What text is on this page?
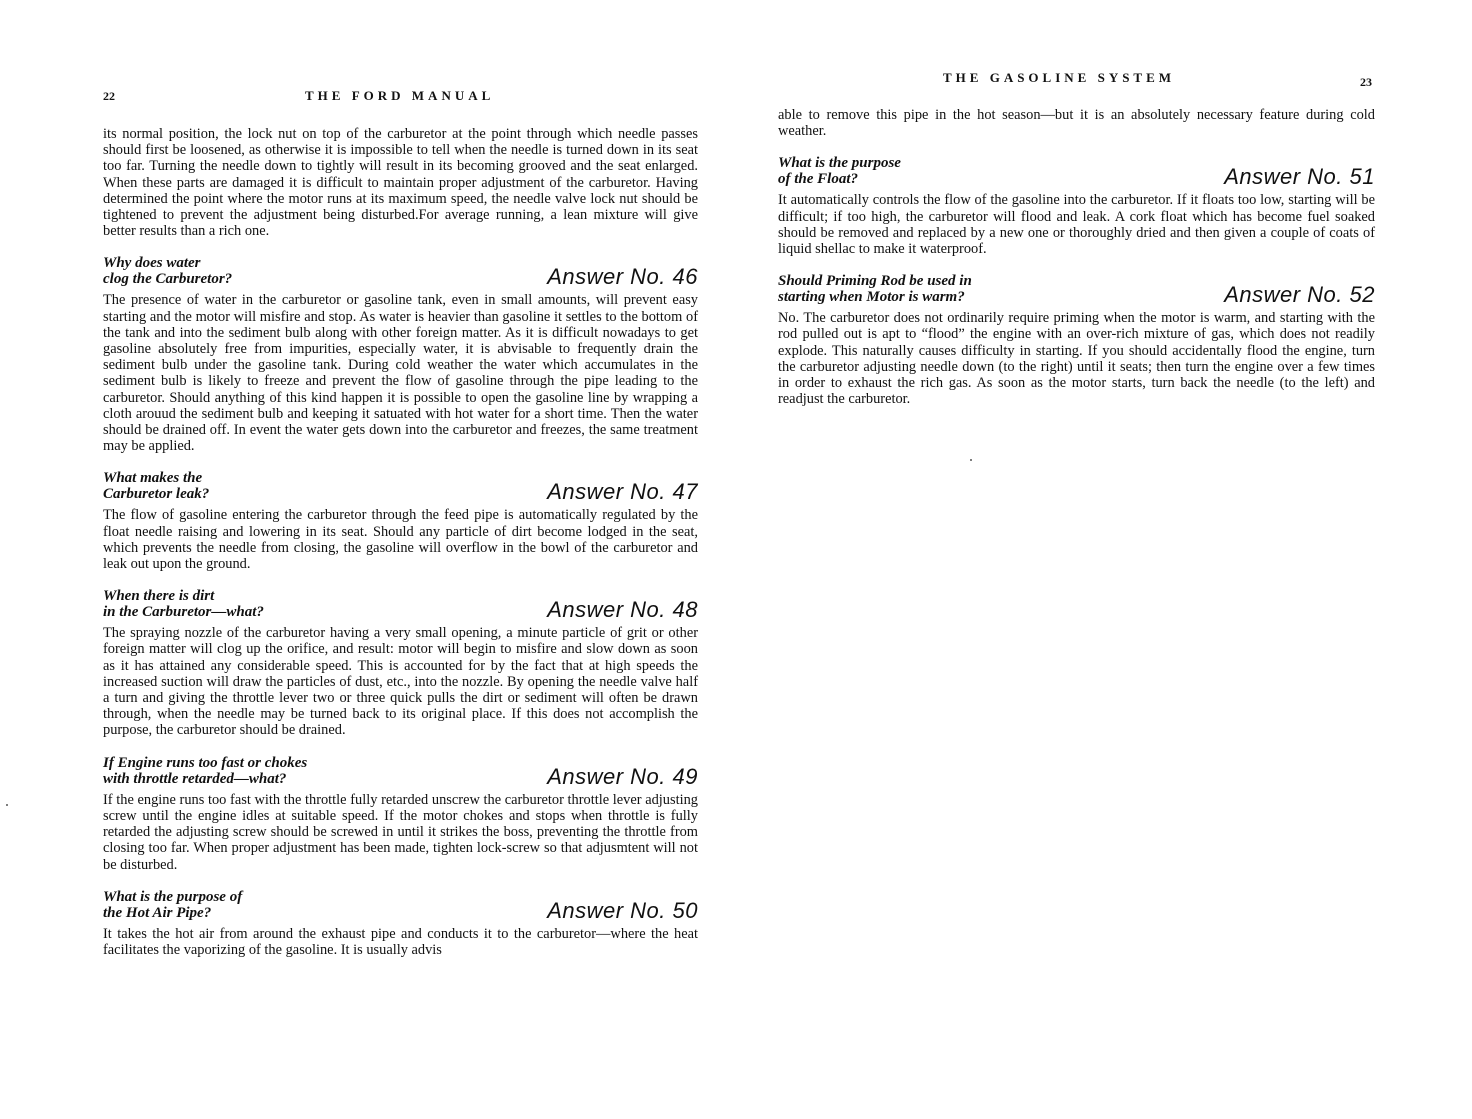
22	THE FORD MANUAL

its normal position, the lock nut on top of the carburetor at the point through which needle passes should first be loosened, as otherwise it is impossible to tell when the needle is turned down in its seat too far. Turning the needle down to tightly will result in its becoming grooved and the seat enlarged. When these parts are damaged it is difficult to maintain proper adjustment of the carburetor. Having determined the point where the motor runs at its maximum speed, the needle valve lock nut should be tightened to prevent the adjustment being disturbed.For average running, a lean mixture will give better results than a rich one.

Why does water
clog the Carburetor?	Answer No. 46

The presence of water in the carburetor or gasoline tank, even in small amounts, will prevent easy starting and the motor will misfire and stop. As water is heavier than gasoline it settles to the bottom of the tank and into the sediment bulb along with other foreign matter. As it is difficult nowadays to get gasoline absolutely free from impurities, especially water, it is abvisable to frequently drain the sediment bulb under the gasoline tank. During cold weather the water which accumulates in the sediment bulb is likely to freeze and prevent the flow of gasoline through the pipe leading to the carburetor. Should anything of this kind happen it is possible to open the gasoline line by wrapping a cloth arouud the sediment bulb and keeping it satuated with hot water for a short time. Then the water should be drained off. In event the water gets down into the carburetor and freezes, the same treatment may be applied.

What makes the
Carburetor leak?	Answer No. 47

The flow of gasoline entering the carburetor through the feed pipe is automatically regulated by the float needle raising and lowering in its seat. Should any particle of dirt become lodged in the seat, which prevents the needle from closing, the gasoline will overflow in the bowl of the carburetor and leak out upon the ground.

When there is dirt
in the Carburetor—what?	Answer No. 48

The spraying nozzle of the carburetor having a very small opening, a minute particle of grit or other foreign matter will clog up the orifice, and result: motor will begin to misfire and slow down as soon as it has attained any considerable speed. This is accounted for by the fact that at high speeds the increased suction will draw the particles of dust, etc., into the nozzle. By opening the needle valve half a turn and giving the throttle lever two or three quick pulls the dirt or sediment will often be drawn through, when the needle may be turned back to its original place. If this does not accomplish the purpose, the carburetor should be drained.

If Engine runs too fast or chokes
with throttle retarded—what?	Answer No. 49

If the engine runs too fast with the throttle fully retarded unscrew the carburetor throttle lever adjusting screw until the engine idles at suitable speed. If the motor chokes and stops when throttle is fully retarded the adjusting screw should be screwed in until it strikes the boss, preventing the throttle from closing too far. When proper adjustment has been made, tighten lock-screw so that adjusmtent will not be disturbed.

What is the purpose of
the Hot Air Pipe?	Answer No. 50

It takes the hot air from around the exhaust pipe and conducts it to the carburetor—where the heat facilitates the vaporizing of the gasoline. It is usually advis

THE GASOLINE SYSTEM	23

able to remove this pipe in the hot season—but it is an absolutely necessary feature during cold weather.

What is the purpose
of the Float?	Answer No. 51

It automatically controls the flow of the gasoline into the carburetor. If it floats too low, starting will be difficult; if too high, the carburetor will flood and leak. A cork float which has become fuel soaked should be removed and replaced by a new one or thoroughly dried and then given a couple of coats of liquid shellac to make it waterproof.

Should Priming Rod be used in
starting when Motor is warm?	Answer No. 52

No. The carburetor does not ordinarily require priming when the motor is warm, and starting with the rod pulled out is apt to “flood” the engine with an over-rich mixture of gas, which does not readily explode. This naturally causes difficulty in starting. If you should accidentally flood the engine, turn the carburetor adjusting needle down (to the right) until it seats; then turn the engine over a few times in order to exhaust the rich gas. As soon as the motor starts, turn back the needle (to the left) and readjust the carburetor.
